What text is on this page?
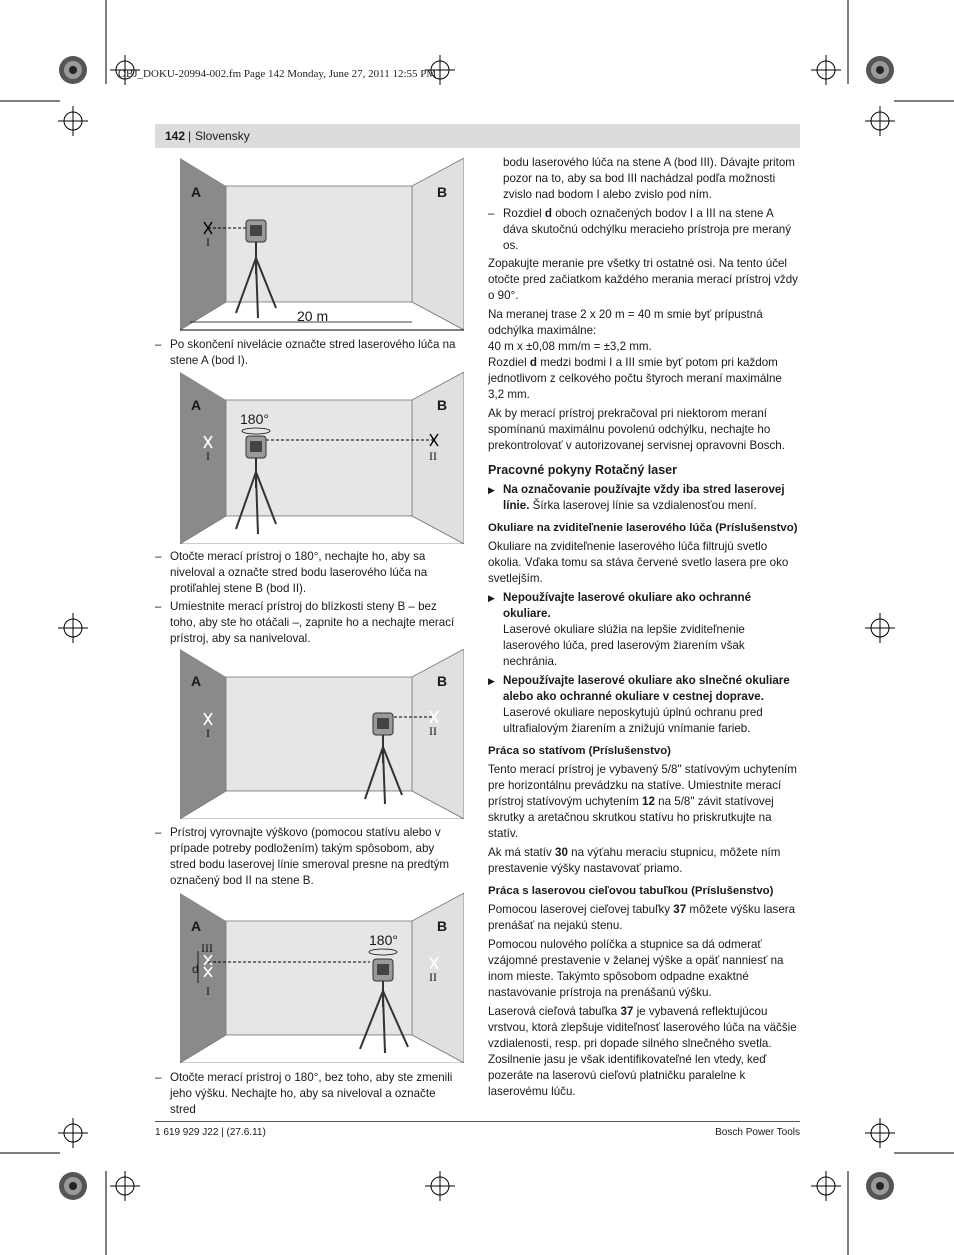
OBJ_DOKU-20994-002.fm Page 142 Monday, June 27, 2011 12:55 PM
142 | Slovensky
A	B
I
20 m
– Po skončení nivelácie označte stred laserového lúča na stene A (bod I).
A	B
180°
I	II
– Otočte merací prístroj o 180°, nechajte ho, aby sa niveloval a označte stred bodu laserového lúča na protiľahlej stene B (bod II).
– Umiestnite merací prístroj do blízkosti steny B – bez toho, aby ste ho otáčali –, zapnite ho a nechajte merací prístroj, aby sa naniveloval.
A	B
I	II
– Prístroj vyrovnajte výškovo (pomocou statívu alebo v prípade potreby podložením) takým spôsobom, aby stred bodu laserovej línie smeroval presne na predtým označený bod II na stene B.
A	B
180°
III
d
I
II
– Otočte merací prístroj o 180°, bez toho, aby ste zmenili jeho výšku. Nechajte ho, aby sa niveloval a označte stred

bodu laserového lúča na stene A (bod III). Dávajte pritom pozor na to, aby sa bod III nachádzal podľa možnosti zvislo nad bodom I alebo zvislo pod ním.

– Rozdiel d oboch označených bodov I a III na stene A dáva skutočnú odchýlku meracieho prístroja pre meraný os.

Zopakujte meranie pre všetky tri ostatné osi. Na tento účel otočte pred začiatkom každého merania merací prístroj vždy o 90°.

Na meranej trase 2 x 20 m = 40 m smie byť prípustná odchýlka maximálne:

40 m x ±0,08 mm/m = ±3,2 mm.

Rozdiel d medzi bodmi I a III smie byť potom pri každom jednotlivom z celkového počtu štyroch meraní maximálne 3,2 mm.

Ak by merací prístroj prekračoval pri niektorom meraní spomínanú maximálnu povolenú odchýlku, nechajte ho prekontrolovať v autorizovanej servisnej opravovni Bosch.

Pracovné pokyny Rotačný laser
▶ Na označovanie používajte vždy iba stred laserovej línie. Šírka laserovej línie sa vzdialenosťou mení.
Okuliare na zviditeľnenie laserového lúča (Príslušenstvo)

Okuliare na zviditeľnenie laserového lúča filtrujú svetlo okolia. Vďaka tomu sa stáva červené svetlo lasera pre oko svetlejším.

▶ Nepoužívajte laserové okuliare ako ochranné okuliare.
Laserové okuliare slúžia na lepšie zviditeľnenie laserového lúča, pred laserovým žiarením však nechránia.
▶ Nepoužívajte laserové okuliare ako slnečné okuliare alebo ako ochranné okuliare v cestnej doprave.
Laserové okuliare neposkytujú úplnú ochranu pred ultrafialovým žiarením a znižujú vnímanie farieb.
Práca so statívom (Príslušenstvo)

Tento merací prístroj je vybavený 5/8" statívovým uchytením pre horizontálnu prevádzku na statíve. Umiestnite merací prístroj statívovým uchytením 12 na 5/8" závit statívovej skrutky a aretačnou skrutkou statívu ho priskrutkujte na statív.

Ak má statív 30 na výťahu meraciu stupnicu, môžete ním prestavenie výšky nastavovať priamo.

Práca s laserovou cieľovou tabuľkou (Príslušenstvo)

Pomocou laserovej cieľovej tabuľky 37 môžete výšku lasera prenášať na nejakú stenu.

Pomocou nulového políčka a stupnice sa dá odmerať vzájomné prestavenie v želanej výške a opäť nanniesť na inom mieste. Takýmto spôsobom odpadne exaktné nastavovanie prístroja na prenášanú výšku.

Laserová cieľová tabuľka 37 je vybavená reflektujúcou vrstvou, ktorá zlepšuje viditeľnosť laserového lúča na väčšie vzdialenosti, resp. pri dopade silného slnečného svetla. Zosilnenie jasu je však identifikovateľné len vtedy, keď pozeráte na laserovú cieľovú platničku paralelne k laserovému lúču.

1 619 929 J22 | (27.6.11)	Bosch Power Tools
